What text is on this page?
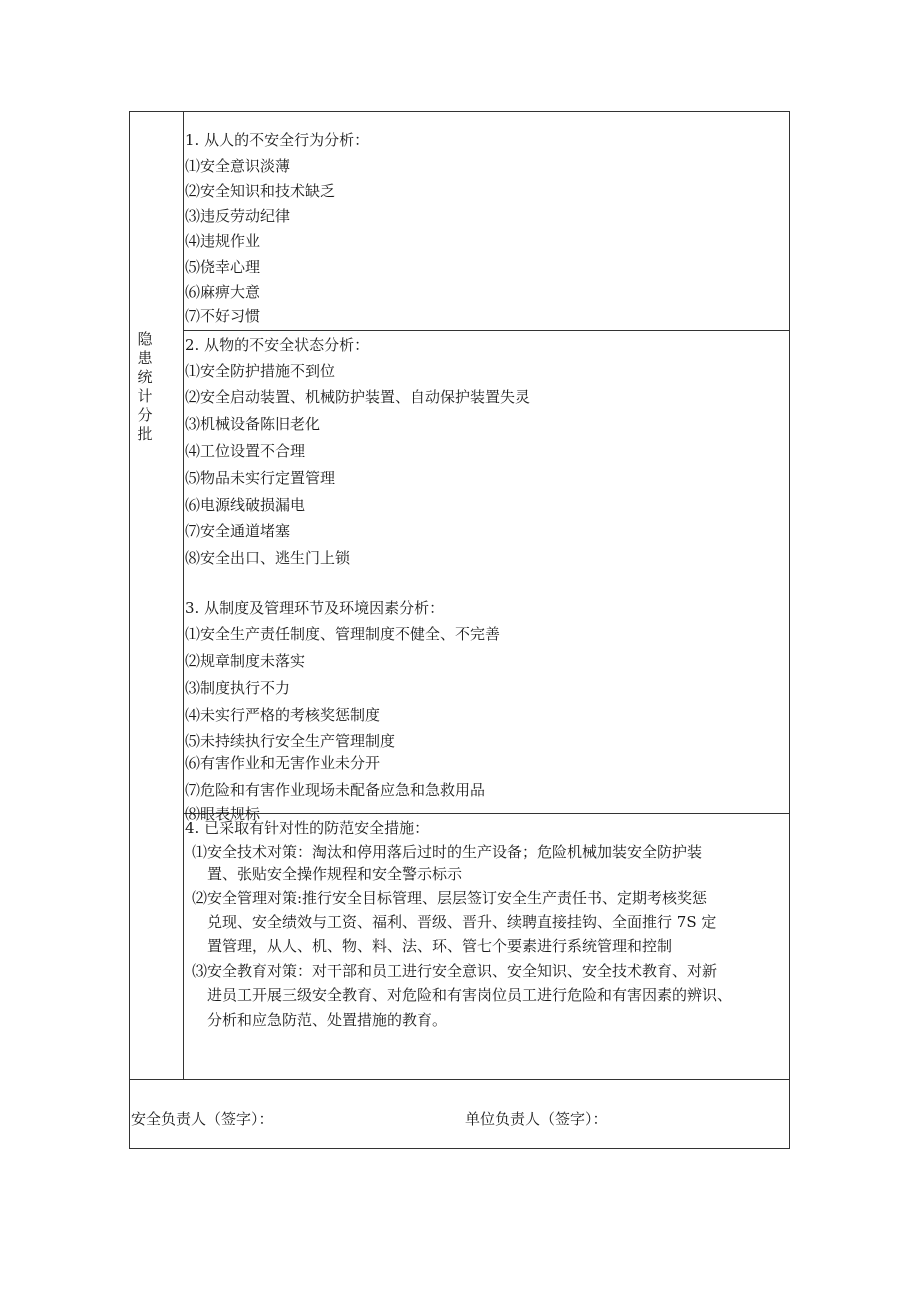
隐
患
统
计
分
批
1. 从人的不安全行为分析：
⑴安全意识淡薄
⑵安全知识和技术缺乏
⑶违反劳动纪律
⑷违规作业
⑸侥幸心理
⑹麻痹大意
⑺不好习惯
2. 从物的不安全状态分析：
⑴安全防护措施不到位
⑵安全启动装置、机械防护装置、自动保护装置失灵
⑶机械设备陈旧老化
⑷工位设置不合理
⑸物品未实行定置管理
⑹电源线破损漏电
⑺安全通道堵塞
⑻安全出口、逃生门上锁
3. 从制度及管理环节及环境因素分析：
⑴安全生产责任制度、管理制度不健全、不完善
⑵规章制度未落实
⑶制度执行不力
⑷未实行严格的考核奖惩制度
⑸未持续执行安全生产管理制度
⑹有害作业和无害作业未分开
⑺危险和有害作业现场未配备应急和急救用品
⑻眼表规标
4. 已采取有针对性的防范安全措施：
⑴安全技术对策：淘汰和停用落后过时的生产设备；危险机械加装安全防护装
置、张贴安全操作规程和安全警示标示
⑵安全管理对策:推行安全目标管理、层层签订安全生产责任书、定期考核奖惩
兑现、安全绩效与工资、福利、晋级、晋升、续聘直接挂钩、全面推行 7S 定
置管理，从人、机、物、料、法、环、管七个要素进行系统管理和控制
⑶安全教育对策：对干部和员工进行安全意识、安全知识、安全技术教育、对新
进员工开展三级安全教育、对危险和有害岗位员工进行危险和有害因素的辨识、
分析和应急防范、处置措施的教育。
安全负责人（签字）：	单位负责人（签字）：
